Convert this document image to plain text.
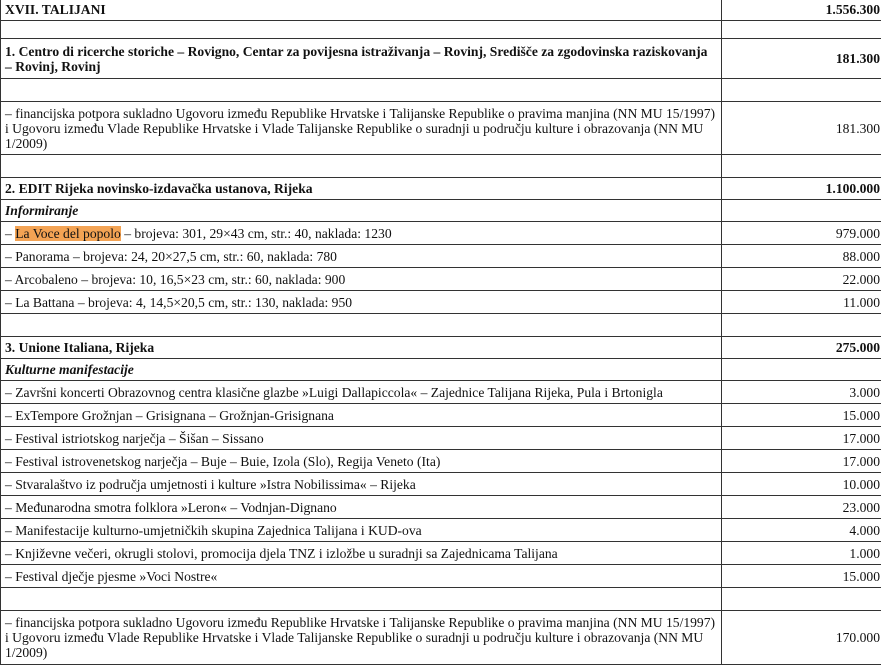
XVII. TALIJANI	1.556.300

1. Centro di ricerche storiche – Rovigno, Centar za povijesna istraživanja – Rovinj, Središče za zgodovinska raziskovanja – Rovinj, Rovinj	181.300

– financijska potpora sukladno Ugovoru između Republike Hrvatske i Talijanske Republike o pravima manjina (NN MU 15/1997) i Ugovoru između Vlade Republike Hrvatske i Vlade Talijanske Republike o suradnji u području kulture i obrazovanja (NN MU 1/2009)	181.300

2. EDIT Rijeka novinsko-izdavačka ustanova, Rijeka	1.100.000
Informiranje	
– La Voce del popolo – brojeva: 301, 29×43 cm, str.: 40, naklada: 1230	979.000
– Panorama – brojeva: 24, 20×27,5 cm, str.: 60, naklada: 780	88.000
– Arcobaleno – brojeva: 10, 16,5×23 cm, str.: 60, naklada: 900	22.000
– La Battana – brojeva: 4, 14,5×20,5 cm, str.: 130, naklada: 950	11.000

3. Unione Italiana, Rijeka	275.000
Kulturne manifestacije	
– Završni koncerti Obrazovnog centra klasične glazbe »Luigi Dallapiccola« – Zajednice Talijana Rijeka, Pula i Brtonigla	3.000
– ExTempore Grožnjan – Grisignana – Grožnjan-Grisignana	15.000
– Festival istriotskog narječja – Šišan – Sissano	17.000
– Festival istrovenetskog narječja – Buje – Buie, Izola (Slo), Regija Veneto (Ita)	17.000
– Stvaralaštvo iz područja umjetnosti i kulture »Istra Nobilissima« – Rijeka	10.000
– Međunarodna smotra folklora »Leron« – Vodnjan-Dignano	23.000
– Manifestacije kulturno-umjetničkih skupina Zajednica Talijana i KUD-ova	4.000
– Književne večeri, okrugli stolovi, promocija djela TNZ i izložbe u suradnji sa Zajednicama Talijana	1.000
– Festival dječje pjesme »Voci Nostre«	15.000

– financijska potpora sukladno Ugovoru između Republike Hrvatske i Talijanske Republike o pravima manjina (NN MU 15/1997) i Ugovoru između Vlade Republike Hrvatske i Vlade Talijanske Republike o suradnji u području kulture i obrazovanja (NN MU 1/2009)	170.000
